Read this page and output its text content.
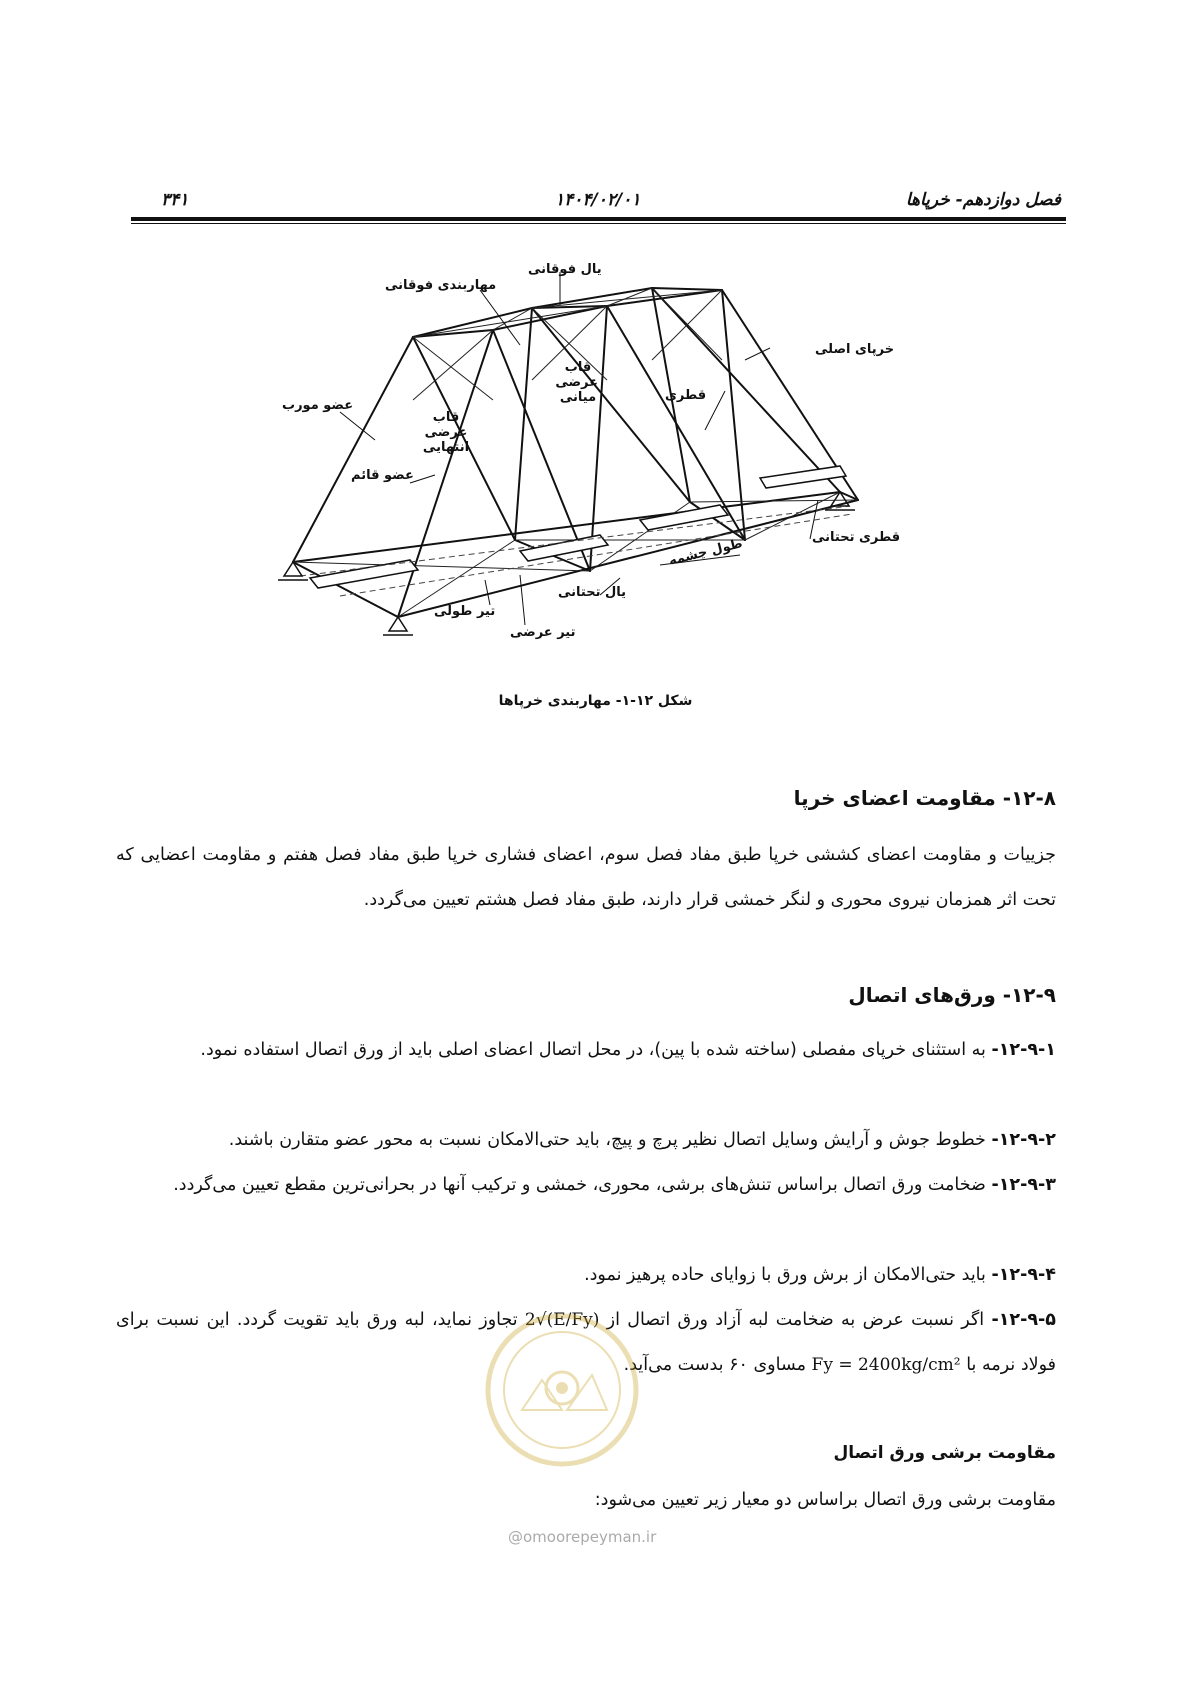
فصل دوازدهم- خرپاها
۱۴۰۴/۰۲/۰۱
۳۴۱
یال فوقانی
مهاربندی فوقانی
خرپای اصلی
عضو مورب
قاب عرضی انتهایی
قاب عرضی میانی	قطری
عضو قائم
قطری تحتانی
طول چشمه
یال تحتانی
تیر طولی
تیر عرضی
شکل ۱۲-۱- مهاربندی خرپاها
۱۲-۸- مقاومت اعضای خرپا
جزییات و مقاومت اعضای کششی خرپا طبق مفاد فصل سوم، اعضای فشاری خرپا طبق مفاد فصل هفتم و مقاومت اعضایی که تحت اثر همزمان نیروی محوری و لنگر خمشی قرار دارند، طبق مفاد فصل هشتم تعیین می‌گردد.
۱۲-۹- ورق‌های اتصال
۱۲-۹-۱- به استثنای خرپای مفصلی (ساخته شده با پین)، در محل اتصال اعضای اصلی باید از ورق اتصال استفاده نمود.
۱۲-۹-۲- خطوط جوش و آرایش وسایل اتصال نظیر پرچ و پیچ، باید حتی‌الامکان نسبت به محور عضو متقارن باشند.
۱۲-۹-۳- ضخامت ورق اتصال براساس تنش‌های برشی، محوری، خمشی و ترکیب آنها در بحرانی‌ترین مقطع تعیین می‌گردد.
۱۲-۹-۴- باید حتی‌الامکان از برش ورق با زوایای حاده پرهیز نمود.
۱۲-۹-۵- اگر نسبت عرض به ضخامت لبه آزاد ورق اتصال از 2√(E/Fy) تجاوز نماید، لبه ورق باید تقویت گردد. این نسبت برای فولاد نرمه با Fy = 2400kg/cm² مساوی ۶۰ بدست می‌آید.
مقاومت برشی ورق اتصال
مقاومت برشی ورق اتصال براساس دو معیار زیر تعیین می‌شود:
@omoorepeyman.ir
